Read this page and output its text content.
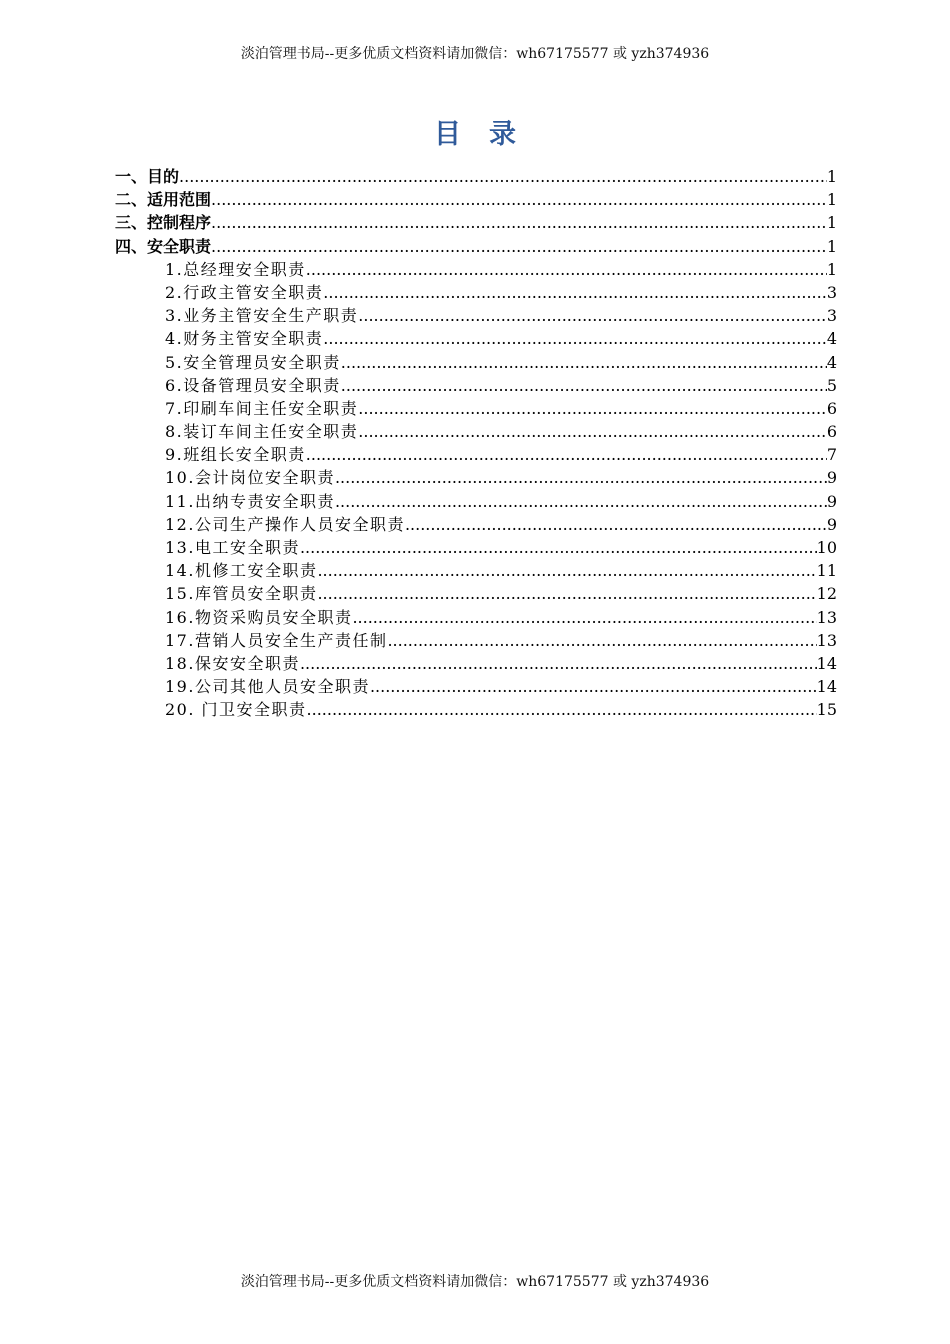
淡泊管理书局--更多优质文档资料请加微信：wh67175577 或 yzh374936
目录
一、目的 .....	1
二、适用范围 .....	1
三、控制程序 .....	1
四、安全职责 .....	1
1.总经理安全职责 .....	1
2.行政主管安全职责 .....	3
3.业务主管安全生产职责 .....	3
4.财务主管安全职责 .....	4
5.安全管理员安全职责 .....	4
6.设备管理员安全职责 .....	5
7.印刷车间主任安全职责 .....	6
8.装订车间主任安全职责 .....	6
9.班组长安全职责 .....	7
10.会计岗位安全职责 .....	9
11.出纳专责安全职责 .....	9
12.公司生产操作人员安全职责 .....	9
13.电工安全职责 .....	10
14.机修工安全职责 .....	11
15.库管员安全职责 .....	12
16.物资采购员安全职责 .....	13
17.营销人员安全生产责任制 .....	13
18.保安安全职责 .....	14
19.公司其他人员安全职责 .....	14
20. 门卫安全职责 .....	15
淡泊管理书局--更多优质文档资料请加微信：wh67175577 或 yzh374936
